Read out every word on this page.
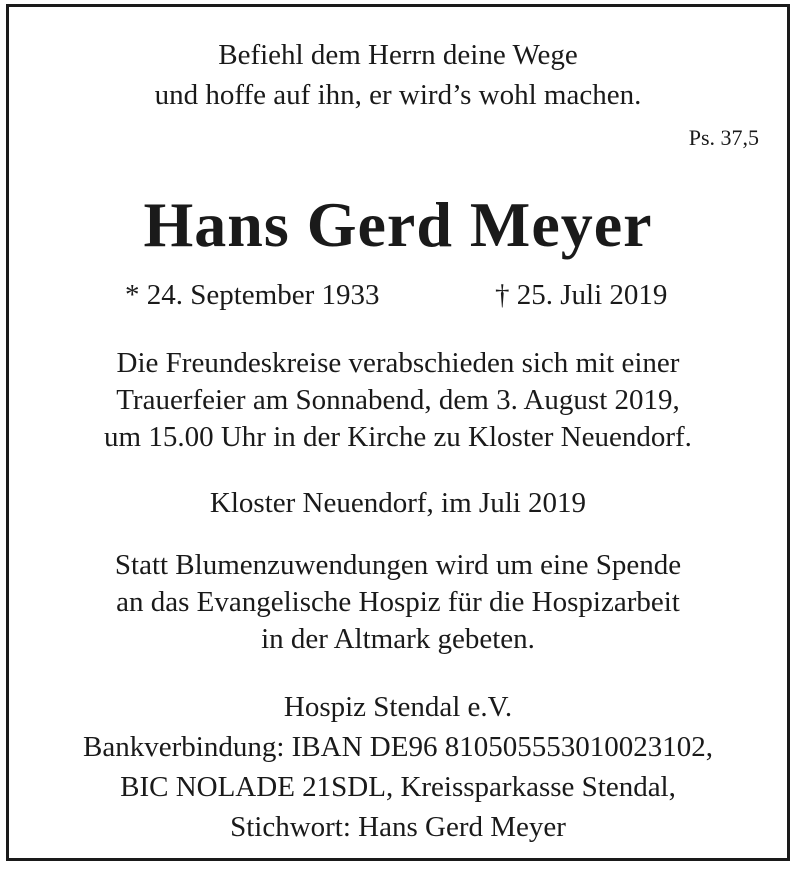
Befiehl dem Herrn deine Wege
und hoffe auf ihn, er wird’s wohl machen.
Ps. 37,5
Hans Gerd Meyer
* 24. September 1933	† 25. Juli 2019
Die Freundeskreise verabschieden sich mit einer
Trauerfeier am Sonnabend, dem 3. August 2019,
um 15.00 Uhr in der Kirche zu Kloster Neuendorf.
Kloster Neuendorf, im Juli 2019
Statt Blumenzuwendungen wird um eine Spende
an das Evangelische Hospiz für die Hospizarbeit
in der Altmark gebeten.
Hospiz Stendal e.V.
Bankverbindung: IBAN DE96 810505553010023102,
BIC NOLADE 21SDL, Kreissparkasse Stendal,
Stichwort: Hans Gerd Meyer
